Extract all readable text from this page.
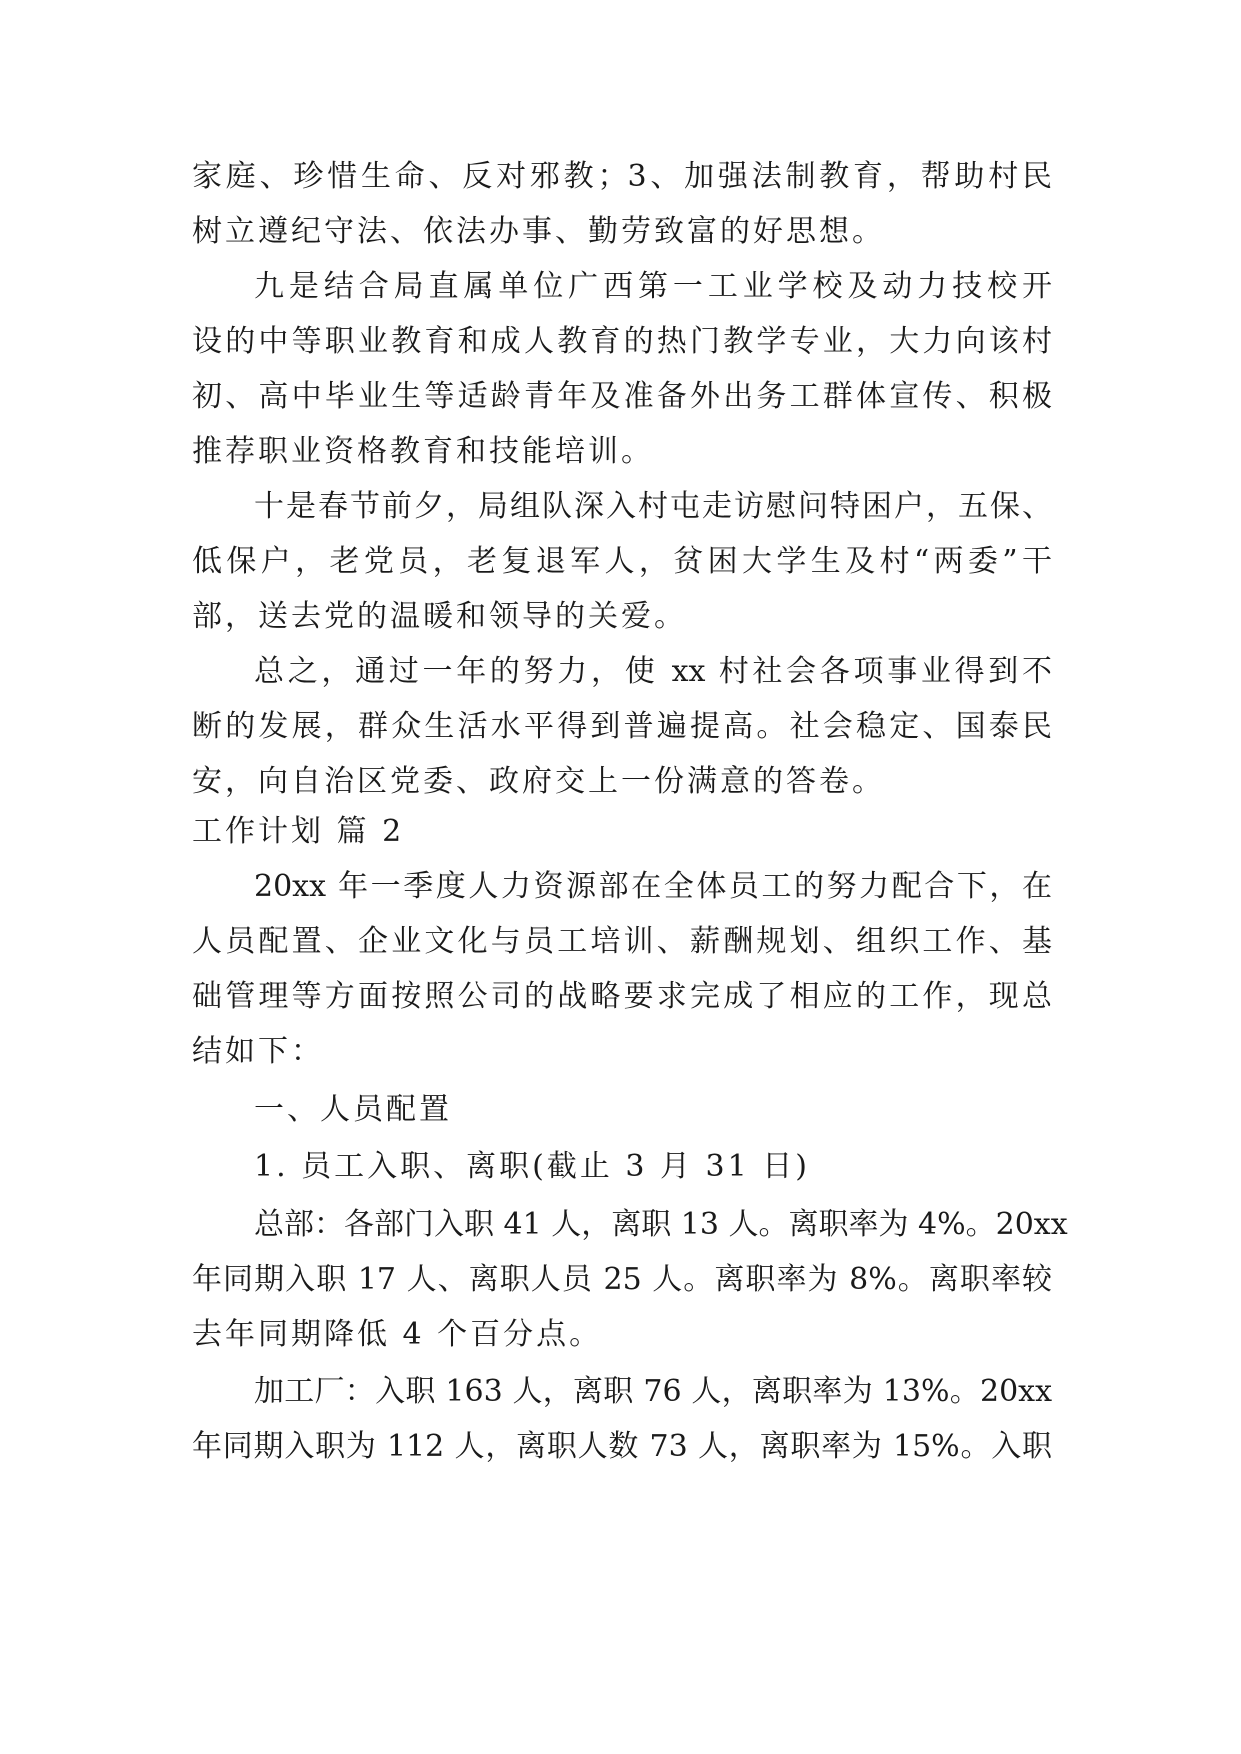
家庭、珍惜生命、反对邪教；3、加强法制教育，帮助村民
树立遵纪守法、依法办事、勤劳致富的好思想。
九是结合局直属单位广西第一工业学校及动力技校开
设的中等职业教育和成人教育的热门教学专业，大力向该村
初、高中毕业生等适龄青年及准备外出务工群体宣传、积极
推荐职业资格教育和技能培训。
十是春节前夕，局组队深入村屯走访慰问特困户，五保、
低保户，老党员，老复退军人，贫困大学生及村“两委”干
部，送去党的温暖和领导的关爱。
总之，通过一年的努力，使 xx 村社会各项事业得到不
断的发展，群众生活水平得到普遍提高。社会稳定、国泰民
安，向自治区党委、政府交上一份满意的答卷。
工作计划 篇 2
20xx 年一季度人力资源部在全体员工的努力配合下，在
人员配置、企业文化与员工培训、薪酬规划、组织工作、基
础管理等方面按照公司的战略要求完成了相应的工作，现总
结如下：
一、人员配置
1. 员工入职、离职(截止 3 月 31 日)
总部：各部门入职 41 人，离职 13 人。离职率为 4%。20xx
年同期入职 17 人、离职人员 25 人。离职率为 8%。离职率较
去年同期降低 4 个百分点。
加工厂：入职 163 人，离职 76 人，离职率为 13%。20xx
年同期入职为 112 人，离职人数 73 人，离职率为 15%。入职
